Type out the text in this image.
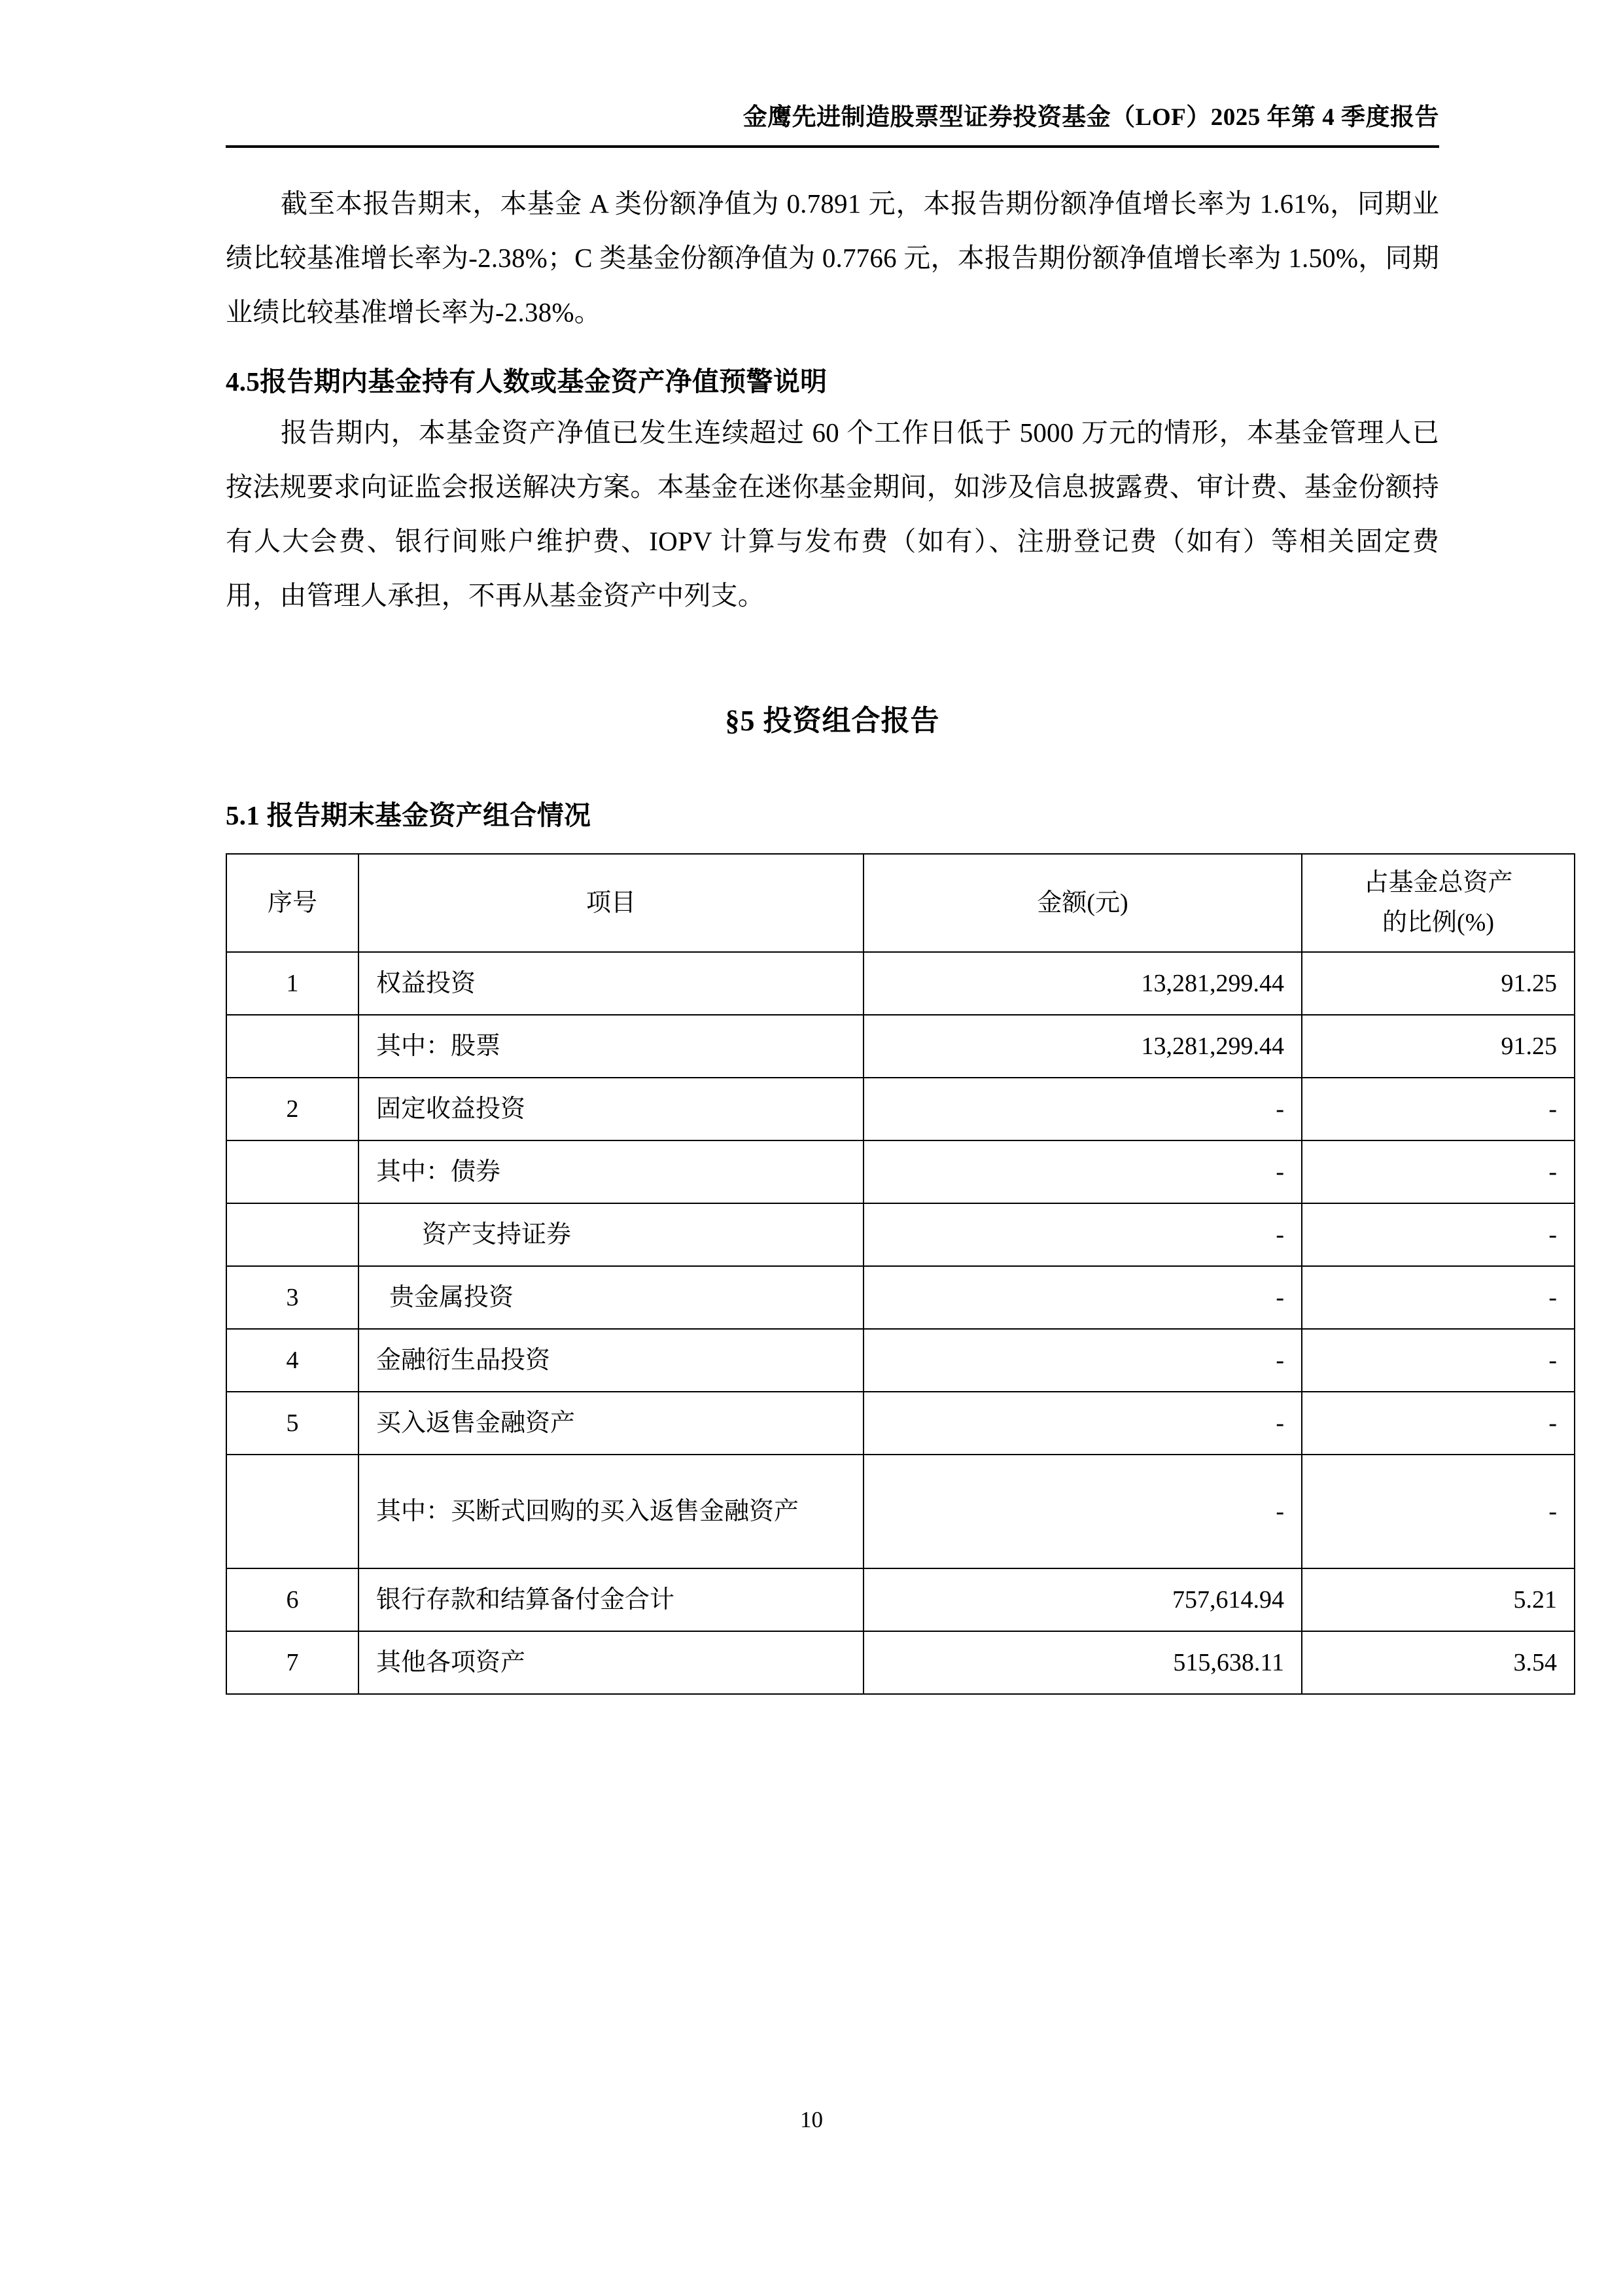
金鹰先进制造股票型证券投资基金（LOF）2025 年第 4 季度报告

截至本报告期末，本基金 A 类份额净值为 0.7891 元，本报告期份额净值增长率为 1.61%，同期业绩比较基准增长率为-2.38%；C 类基金份额净值为 0.7766 元，本报告期份额净值增长率为 1.50%，同期业绩比较基准增长率为-2.38%。

4.5报告期内基金持有人数或基金资产净值预警说明

报告期内，本基金资产净值已发生连续超过 60 个工作日低于 5000 万元的情形，本基金管理人已按法规要求向证监会报送解决方案。本基金在迷你基金期间，如涉及信息披露费、审计费、基金份额持有人大会费、银行间账户维护费、IOPV 计算与发布费（如有）、注册登记费（如有）等相关固定费用，由管理人承担，不再从基金资产中列支。

§5 投资组合报告
5.1 报告期末基金资产组合情况
序号	项目	金额(元)	占基金总资产
的比例(%)

1	权益投资	13,281,299.44	91.25
	其中：股票	13,281,299.44	91.25
2	固定收益投资	-	-
	其中：债券	-	-
	资产支持证券	-	-
3	贵金属投资	-	-
4	金融衍生品投资	-	-
5	买入返售金融资产	-	-
	其中：买断式回购的买入返售金融资产	-	-
6	银行存款和结算备付金合计	757,614.94	5.21
7	其他各项资产	515,638.11	3.54
10
